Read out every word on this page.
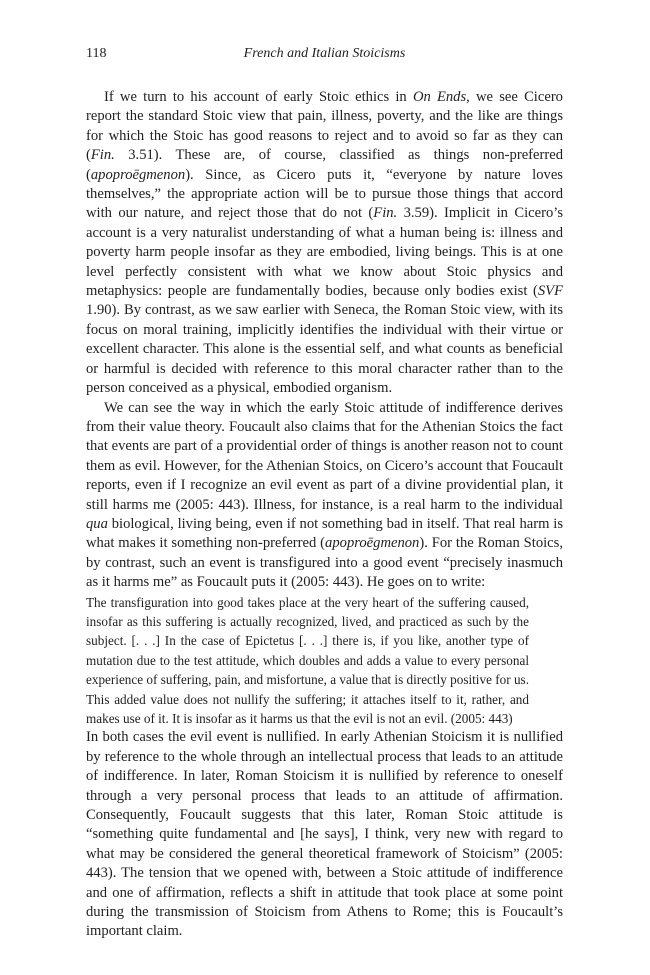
118	French and Italian Stoicisms

If we turn to his account of early Stoic ethics in On Ends, we see Cicero report the standard Stoic view that pain, illness, poverty, and the like are things for which the Stoic has good reasons to reject and to avoid so far as they can (Fin. 3.51). These are, of course, classified as things non-preferred (apoproēgmenon). Since, as Cicero puts it, “everyone by nature loves themselves,” the appropriate action will be to pursue those things that accord with our nature, and reject those that do not (Fin. 3.59). Implicit in Cicero’s account is a very naturalist understanding of what a human being is: illness and poverty harm people insofar as they are embodied, living beings. This is at one level perfectly consistent with what we know about Stoic physics and metaphysics: people are fundamentally bodies, because only bodies exist (SVF 1.90). By contrast, as we saw earlier with Seneca, the Roman Stoic view, with its focus on moral training, implicitly identifies the individual with their virtue or excellent character. This alone is the essential self, and what counts as beneficial or harmful is decided with reference to this moral character rather than to the person conceived as a physical, embodied organism.

We can see the way in which the early Stoic attitude of indifference derives from their value theory. Foucault also claims that for the Athenian Stoics the fact that events are part of a providential order of things is another reason not to count them as evil. However, for the Athenian Stoics, on Cicero’s account that Foucault reports, even if I recognize an evil event as part of a divine providential plan, it still harms me (2005: 443). Illness, for instance, is a real harm to the individual qua biological, living being, even if not something bad in itself. That real harm is what makes it something non-preferred (apoproēgmenon). For the Roman Stoics, by contrast, such an event is transfigured into a good event “precisely inasmuch as it harms me” as Foucault puts it (2005: 443). He goes on to write:

The transfiguration into good takes place at the very heart of the suffering caused, insofar as this suffering is actually recognized, lived, and practiced as such by the subject. [. . .] In the case of Epictetus [. . .] there is, if you like, another type of mutation due to the test attitude, which doubles and adds a value to every personal experience of suffering, pain, and misfortune, a value that is directly positive for us. This added value does not nullify the suffering; it attaches itself to it, rather, and makes use of it. It is insofar as it harms us that the evil is not an evil. (2005: 443)

In both cases the evil event is nullified. In early Athenian Stoicism it is nullified by reference to the whole through an intellectual process that leads to an attitude of indifference. In later, Roman Stoicism it is nullified by reference to oneself through a very personal process that leads to an attitude of affirmation. Consequently, Foucault suggests that this later, Roman Stoic attitude is “something quite fundamental and [he says], I think, very new with regard to what may be considered the general theoretical framework of Stoicism” (2005: 443). The tension that we opened with, between a Stoic attitude of indifference and one of affirmation, reflects a shift in attitude that took place at some point during the transmission of Stoicism from Athens to Rome; this is Foucault’s important claim.
